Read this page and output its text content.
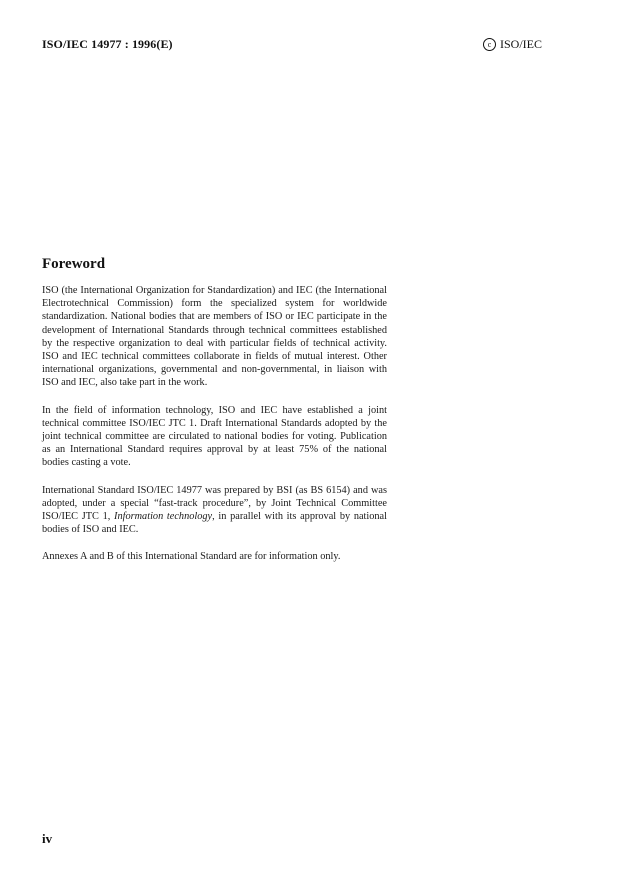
ISO/IEC 14977 : 1996(E)	c ISO/IEC
Foreword

ISO (the International Organization for Standardization) and IEC (the International Electrotechnical Commission) form the specialized system for worldwide standardization. National bodies that are members of ISO or IEC participate in the development of International Standards through technical committees established by the respective organization to deal with particular fields of technical activity. ISO and IEC technical committees collaborate in fields of mutual interest. Other international organizations, governmental and non-governmental, in liaison with ISO and IEC, also take part in the work.

In the field of information technology, ISO and IEC have established a joint technical committee ISO/IEC JTC 1. Draft International Standards adopted by the joint technical committee are circulated to national bodies for voting. Publication as an International Standard requires approval by at least 75% of the national bodies casting a vote.

International Standard ISO/IEC 14977 was prepared by BSI (as BS 6154) and was adopted, under a special “fast-track procedure”, by Joint Technical Committee ISO/IEC JTC 1, Information technology, in parallel with its approval by national bodies of ISO and IEC.

Annexes A and B of this International Standard are for information only.

iv
